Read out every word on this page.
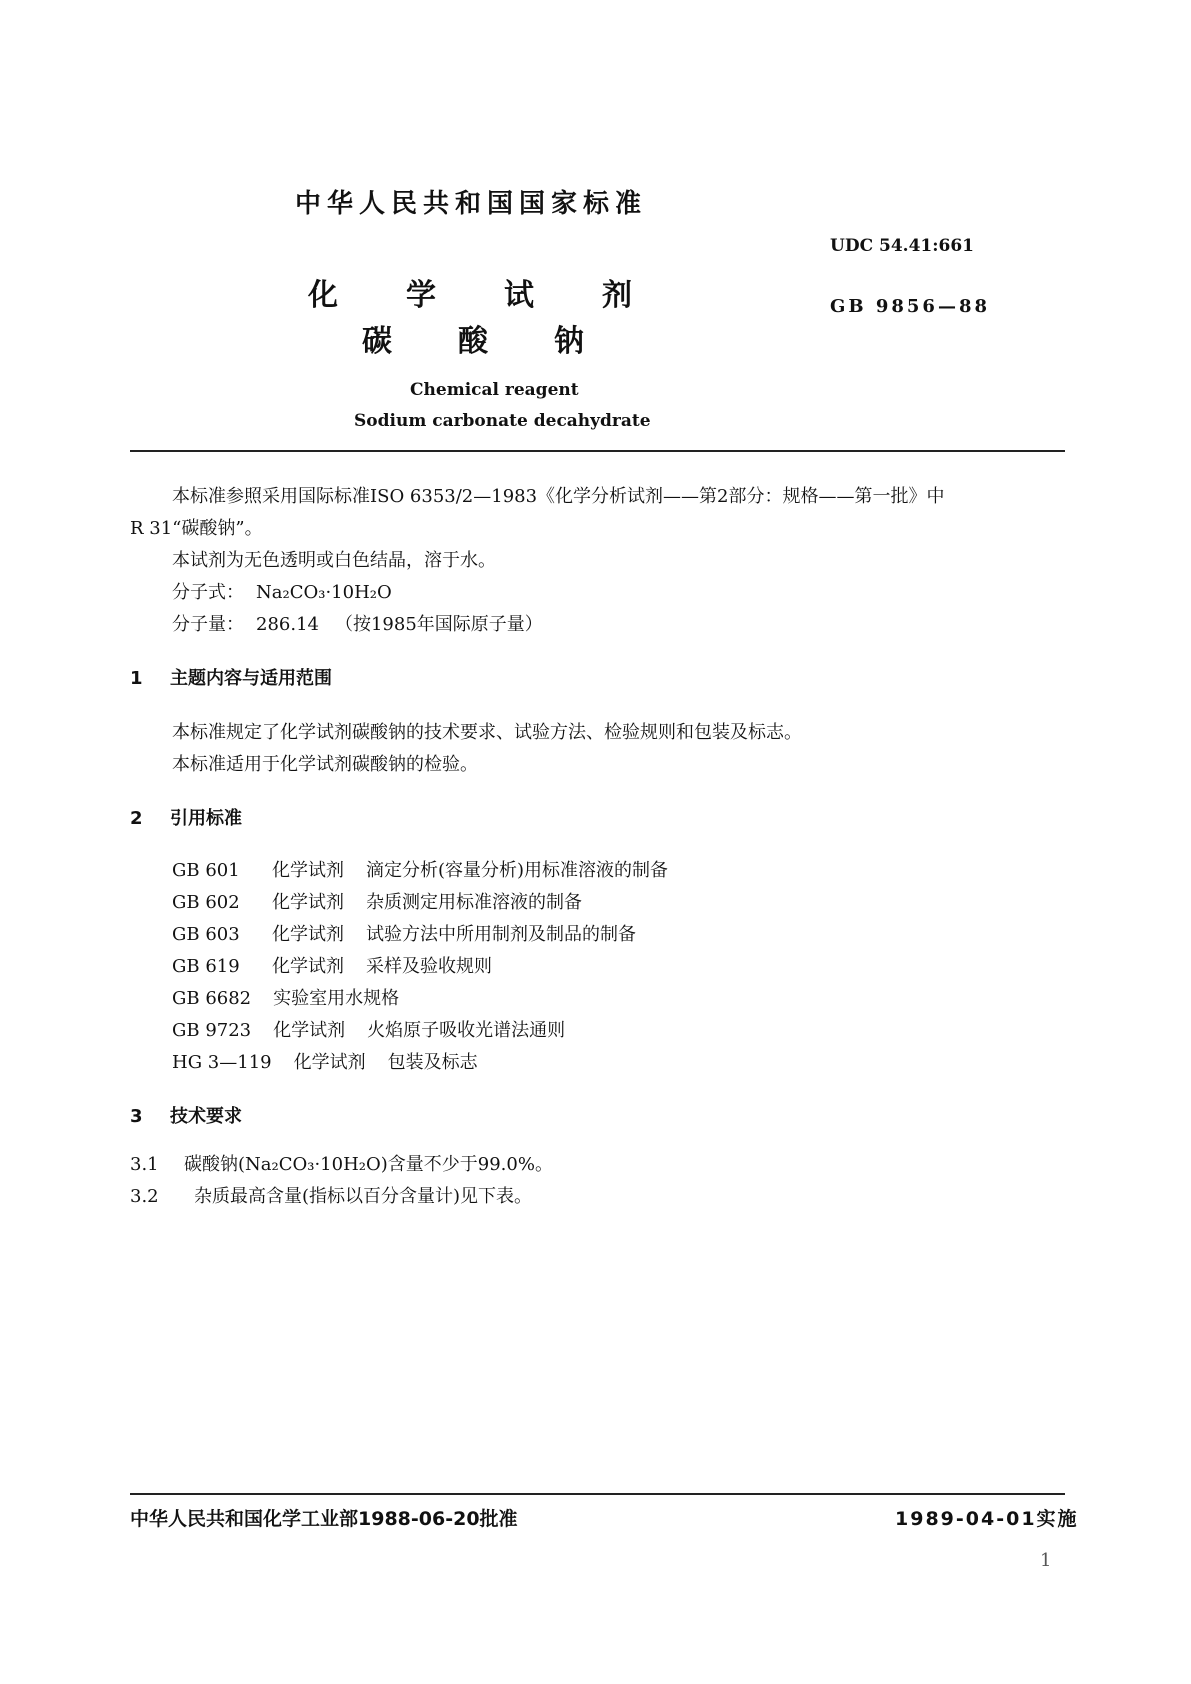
中华人民共和国国家标准
UDC 54.41:661
化学试剂	GB 9856—88
碳酸钠
Chemical reagent
Sodium carbonate decahydrate
本标准参照采用国际标准ISO 6353/2—1983《化学分析试剂——第2部分：规格——第一批》中
R 31“碳酸钠”。
本试剂为无色透明或白色结晶，溶于水。
分子式： Na₂CO₃·10H₂O
分子量： 286.14 （按1985年国际原子量）
1 主题内容与适用范围
本标准规定了化学试剂碳酸钠的技术要求、试验方法、检验规则和包装及标志。
本标准适用于化学试剂碳酸钠的检验。
2 引用标准
GB 601 化学试剂 滴定分析(容量分析)用标准溶液的制备
GB 602 化学试剂 杂质测定用标准溶液的制备
GB 603 化学试剂 试验方法中所用制剂及制品的制备
GB 619 化学试剂 采样及验收规则
GB 6682 实验室用水规格
GB 9723 化学试剂 火焰原子吸收光谱法通则
HG 3—119 化学试剂 包装及标志
3 技术要求
3.1 碳酸钠(Na₂CO₃·10H₂O)含量不少于99.0%。
3.2 杂质最高含量(指标以百分含量计)见下表。
中华人民共和国化学工业部1988-06-20批准	1989-04-01实施
1
